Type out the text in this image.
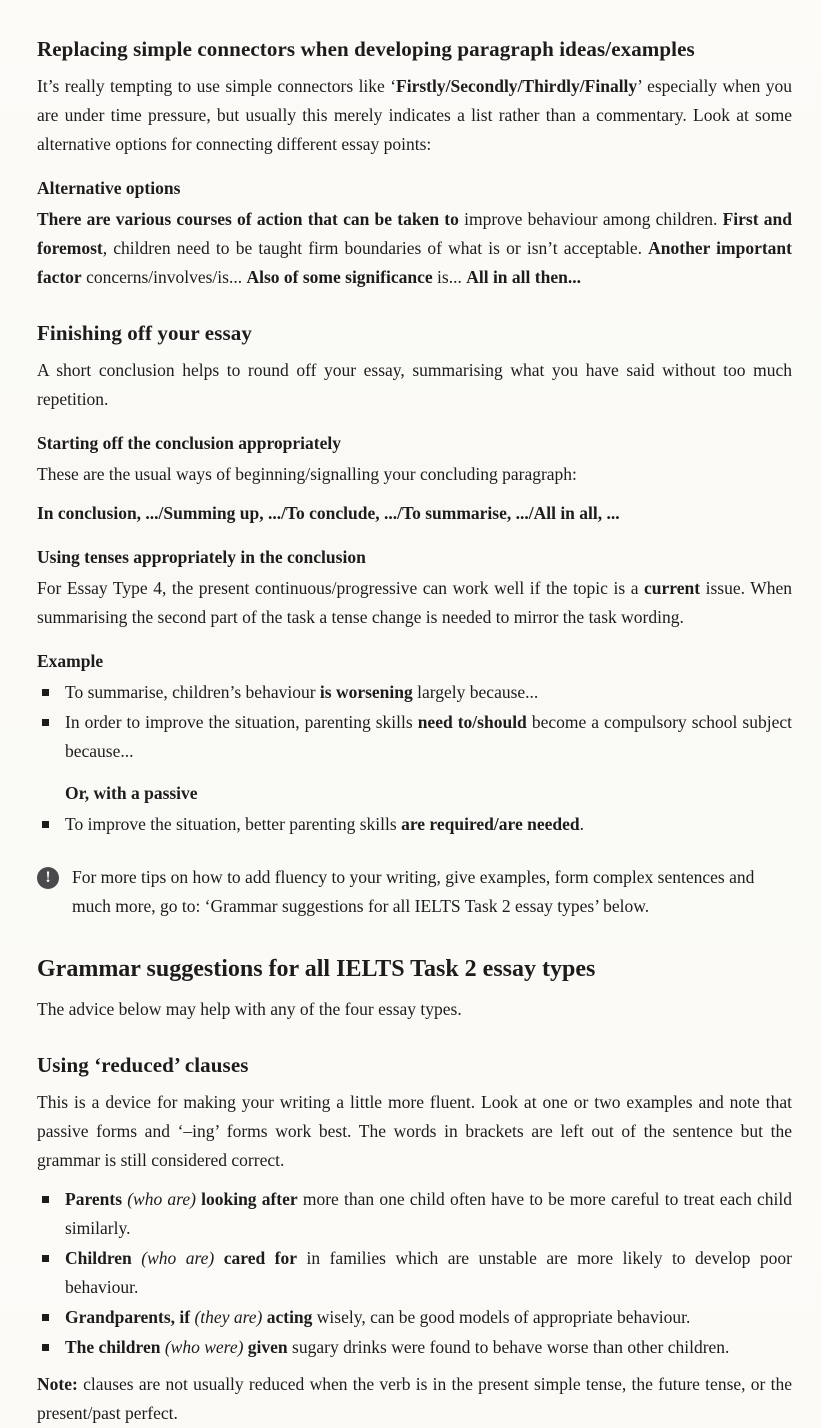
Replacing simple connectors when developing paragraph ideas/examples

It’s really tempting to use simple connectors like ‘Firstly/Secondly/Thirdly/Finally’ especially when you are under time pressure, but usually this merely indicates a list rather than a commentary. Look at some alternative options for connecting different essay points:

Alternative options

There are various courses of action that can be taken to improve behaviour among children. First and foremost, children need to be taught firm boundaries of what is or isn’t acceptable. Another important factor concerns/involves/is... Also of some significance is... All in all then...

Finishing off your essay

A short conclusion helps to round off your essay, summarising what you have said without too much repetition.

Starting off the conclusion appropriately

These are the usual ways of beginning/signalling your concluding paragraph:

In conclusion, .../Summing up, .../To conclude, .../To summarise, .../All in all, ...

Using tenses appropriately in the conclusion

For Essay Type 4, the present continuous/progressive can work well if the topic is a current issue. When summarising the second part of the task a tense change is needed to mirror the task wording.

Example
To summarise, children’s behaviour is worsening largely because...
In order to improve the situation, parenting skills need to/should become a compulsory school subject because...
Or, with a passive
To improve the situation, better parenting skills are required/are needed.
!	For more tips on how to add fluency to your writing, give examples, form complex sentences and much more, go to: ‘Grammar suggestions for all IELTS Task 2 essay types’ below.

Grammar suggestions for all IELTS Task 2 essay types

The advice below may help with any of the four essay types.

Using ‘reduced’ clauses

This is a device for making your writing a little more fluent. Look at one or two examples and note that passive forms and ‘–ing’ forms work best. The words in brackets are left out of the sentence but the grammar is still considered correct.

Parents (who are) looking after more than one child often have to be more careful to treat each child similarly.
Children (who are) cared for in families which are unstable are more likely to develop poor behaviour.
Grandparents, if (they are) acting wisely, can be good models of appropriate behaviour.
The children (who were) given sugary drinks were found to behave worse than other children.

Note: clauses are not usually reduced when the verb is in the present simple tense, the future tense, or the present/past perfect.
